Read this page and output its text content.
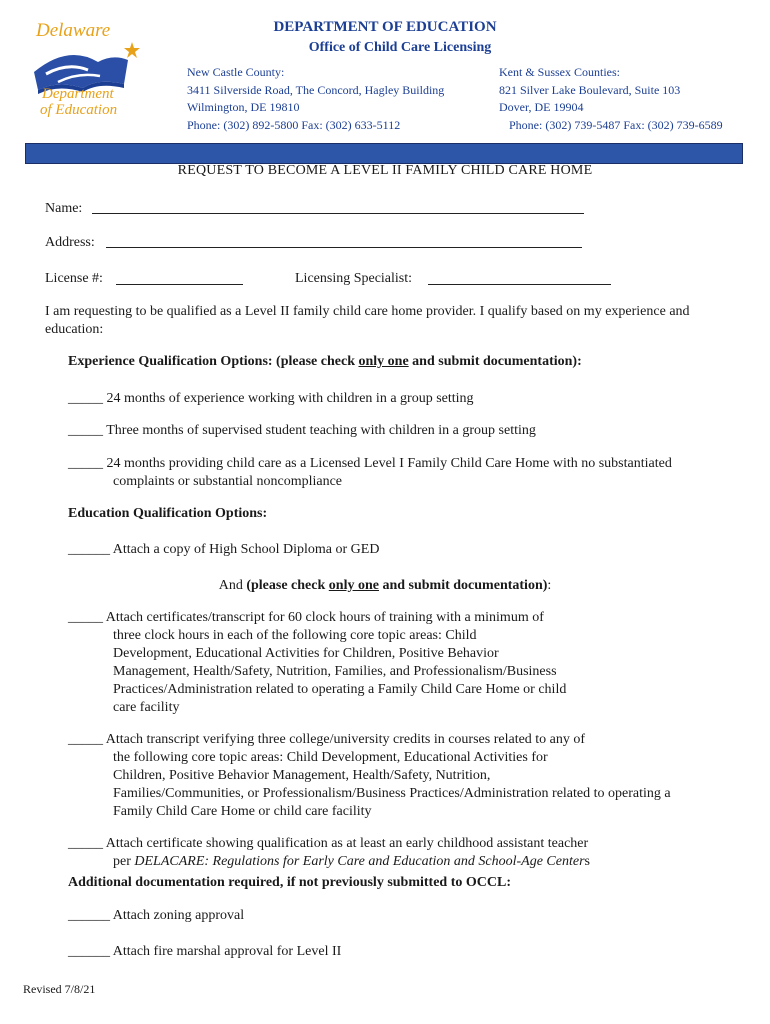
Delaware
Department
of Education
DEPARTMENT OF EDUCATION
Office of Child Care Licensing
New Castle County:
3411 Silverside Road, The Concord, Hagley Building
Wilmington, DE 19810
Phone: (302) 892-5800 Fax: (302) 633-5112
Kent & Sussex Counties:
821 Silver Lake Boulevard, Suite 103
Dover, DE 19904
Phone: (302) 739-5487 Fax: (302) 739-6589
REQUEST TO BECOME A LEVEL II FAMILY CHILD CARE HOME
Name:
Address:
License #:	Licensing Specialist:
I am requesting to be qualified as a Level II family child care home provider. I qualify based on my experience and education:
Experience Qualification Options: (please check only one and submit documentation):
_____ 24 months of experience working with children in a group setting
_____ Three months of supervised student teaching with children in a group setting
_____ 24 months providing child care as a Licensed Level I Family Child Care Home with no substantiated
complaints or substantial noncompliance
Education Qualification Options:
______ Attach a copy of High School Diploma or GED
And (please check only one and submit documentation):
_____ Attach certificates/transcript for 60 clock hours of training with a minimum of
three clock hours in each of the following core topic areas: Child
Development, Educational Activities for Children, Positive Behavior
Management, Health/Safety, Nutrition, Families, and Professionalism/Business
Practices/Administration related to operating a Family Child Care Home or child
care facility
_____ Attach transcript verifying three college/university credits in courses related to any of
the following core topic areas: Child Development, Educational Activities for
Children, Positive Behavior Management, Health/Safety, Nutrition,
Families/Communities, or Professionalism/Business Practices/Administration related to operating a
Family Child Care Home or child care facility
_____ Attach certificate showing qualification as at least an early childhood assistant teacher
per DELACARE: Regulations for Early Care and Education and School-Age Centers
Additional documentation required, if not previously submitted to OCCL:
______ Attach zoning approval
______ Attach fire marshal approval for Level II
Revised 7/8/21
